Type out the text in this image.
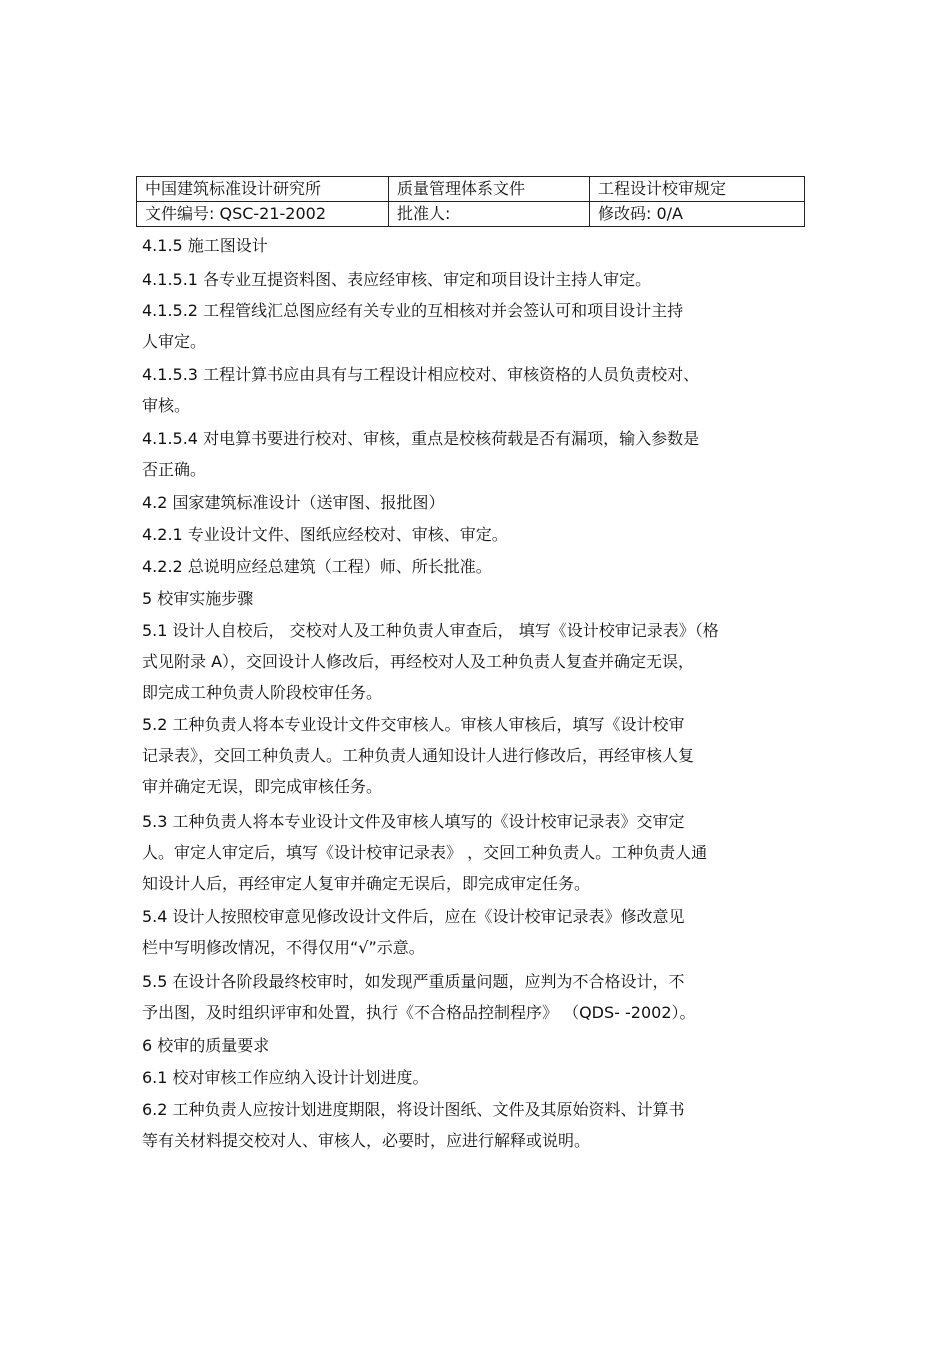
中国建筑标准设计研究所	质量管理体系文件	工程设计校审规定
文件编号: QSC-21-2002	批准人:	修改码: 0/A
4.1.5 施工图设计
4.1.5.1 各专业互提资料图、表应经审核、审定和项目设计主持人审定。
4.1.5.2 工程管线汇总图应经有关专业的互相核对并会签认可和项目设计主持
人审定。
4.1.5.3 工程计算书应由具有与工程设计相应校对、审核资格的人员负责校对、
审核。
4.1.5.4 对电算书要进行校对、审核，重点是校核荷载是否有漏项，输入参数是
否正确。
4.2 国家建筑标准设计（送审图、报批图）
4.2.1 专业设计文件、图纸应经校对、审核、审定。
4.2.2 总说明应经总建筑（工程）师、所长批准。
5 校审实施步骤
5.1 设计人自校后， 交校对人及工种负责人审查后， 填写《设计校审记录表》（格
式见附录 A），交回设计人修改后，再经校对人及工种负责人复查并确定无误，
即完成工种负责人阶段校审任务。
5.2 工种负责人将本专业设计文件交审核人。审核人审核后，填写《设计校审
记录表》，交回工种负责人。工种负责人通知设计人进行修改后，再经审核人复
审并确定无误，即完成审核任务。
5.3 工种负责人将本专业设计文件及审核人填写的《设计校审记录表》交审定
人。审定人审定后，填写《设计校审记录表》 ，交回工种负责人。工种负责人通
知设计人后，再经审定人复审并确定无误后，即完成审定任务。
5.4 设计人按照校审意见修改设计文件后，应在《设计校审记录表》修改意见
栏中写明修改情况，不得仅用“√”示意。
5.5 在设计各阶段最终校审时，如发现严重质量问题，应判为不合格设计，不
予出图，及时组织评审和处置，执行《不合格品控制程序》 （QDS- -2002）。
6 校审的质量要求
6.1 校对审核工作应纳入设计计划进度。
6.2 工种负责人应按计划进度期限，将设计图纸、文件及其原始资料、计算书
等有关材料提交校对人、审核人，必要时，应进行解释或说明。
